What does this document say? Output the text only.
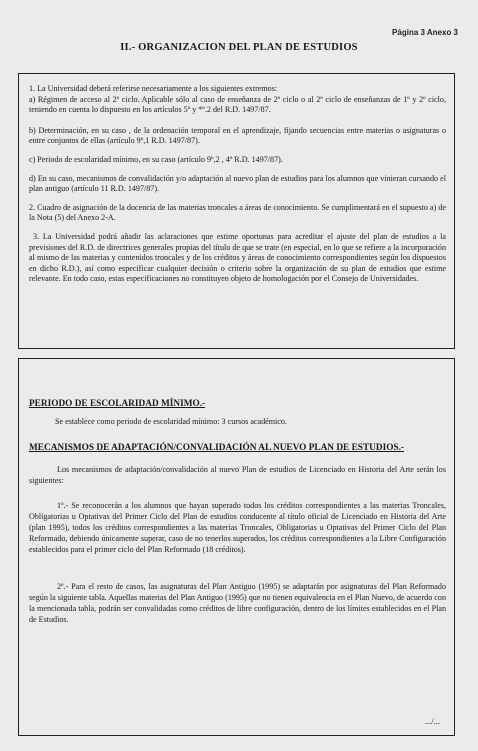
Página 3 Anexo 3
II.- ORGANIZACION DEL PLAN DE ESTUDIOS

1. La Universidad deberá referirse necesariamente a los siguientes extremos:

a) Régimen de acceso al 2º ciclo. Aplicable sólo al caso de enseñanza de 2º ciclo o al 2º ciclo de enseñanzas de 1º y 2º ciclo, teniendo en cuenta lo dispuesto en los artículos 5º y *º.2 del R.D. 1497/87.

b) Determinación, en su caso , de la ordenación temporal en el aprendizaje, fijando secuencias entre materias o asignaturas o entre conjuntos de ellas (artículo 9º,1 R.D. 1497/87).

c) Periodo de escolaridad mínimo, en su caso (artículo 9º,2 , 4º R.D. 1497/87).

d) En su caso, mecanismos de convalidación y/o adaptación al nuevo plan de estudios para los alumnos que vinieran cursando el plan antiguo (artículo 11 R.D. 1497/87).

2. Cuadro de asignación de la docencia de las materias troncales a áreas de conocimiento. Se cumplimentará en el supuesto a) de la Nota (5) del Anexo 2-A.

3. La Universidad podrá añadir las aclaraciones que estime oportunas para acreditar el ajuste del plan de estudios a la previsiones del R.D. de directrices generales propias del título de que se trate (en especial, en lo que se refiere a la incorporación al mismo de las materias y contenidos troncales y de los créditos y áreas de conocimiento correspondientes según los dispuestos en dicho R.D.), así como especificar cualquier decisión o criterio sobre la organización de su plan de estudios que estime relevante. En todo caso, estas especificaciones no constituyen objeto de homologación por el Consejo de Universidades.

PERIODO DE ESCOLARIDAD MÍNIMO.-

Se establece como periodo de escolaridad mínimo: 3 cursos académico.

MECANISMOS DE ADAPTACIÓN/CONVALIDACIÓN AL NUEVO PLAN DE ESTUDIOS.-

Los mecanismos de adaptación/convalidación al nuevo Plan de estudios de Licenciado en Historia del Arte serán los siguientes:

1º.- Se reconocerán a los alumnos que hayan superado todos los créditos correspondientes a las materias Troncales, Obligatorias u Optativas del Primer Ciclo del Plan de estudios conducente al título oficial de Licenciado en Historia del Arte (plan 1995), todos los créditos correspondientes a las materias Troncales, Obligatorias u Optativas del Primer Ciclo del Plan Reformado, debiendo únicamente superar, caso de no tenerlos superados, los créditos correspondientes a la Libre Configuración establecidos para el primer ciclo del Plan Reformado (18 créditos).

2º.- Para el resto de casos, las asignaturas del Plan Antiguo (1995) se adaptarán por asignaturas del Plan Reformado según la siguiente tabla. Aquellas materias del Plan Antiguo (1995) que no tienen equivalencia en el Plan Nuevo, de acuerdo con la mencionada tabla, podrán ser convalidadas como créditos de libre configuración, dentro de los límites establecidos en el Plan de Estudios.

.../...
